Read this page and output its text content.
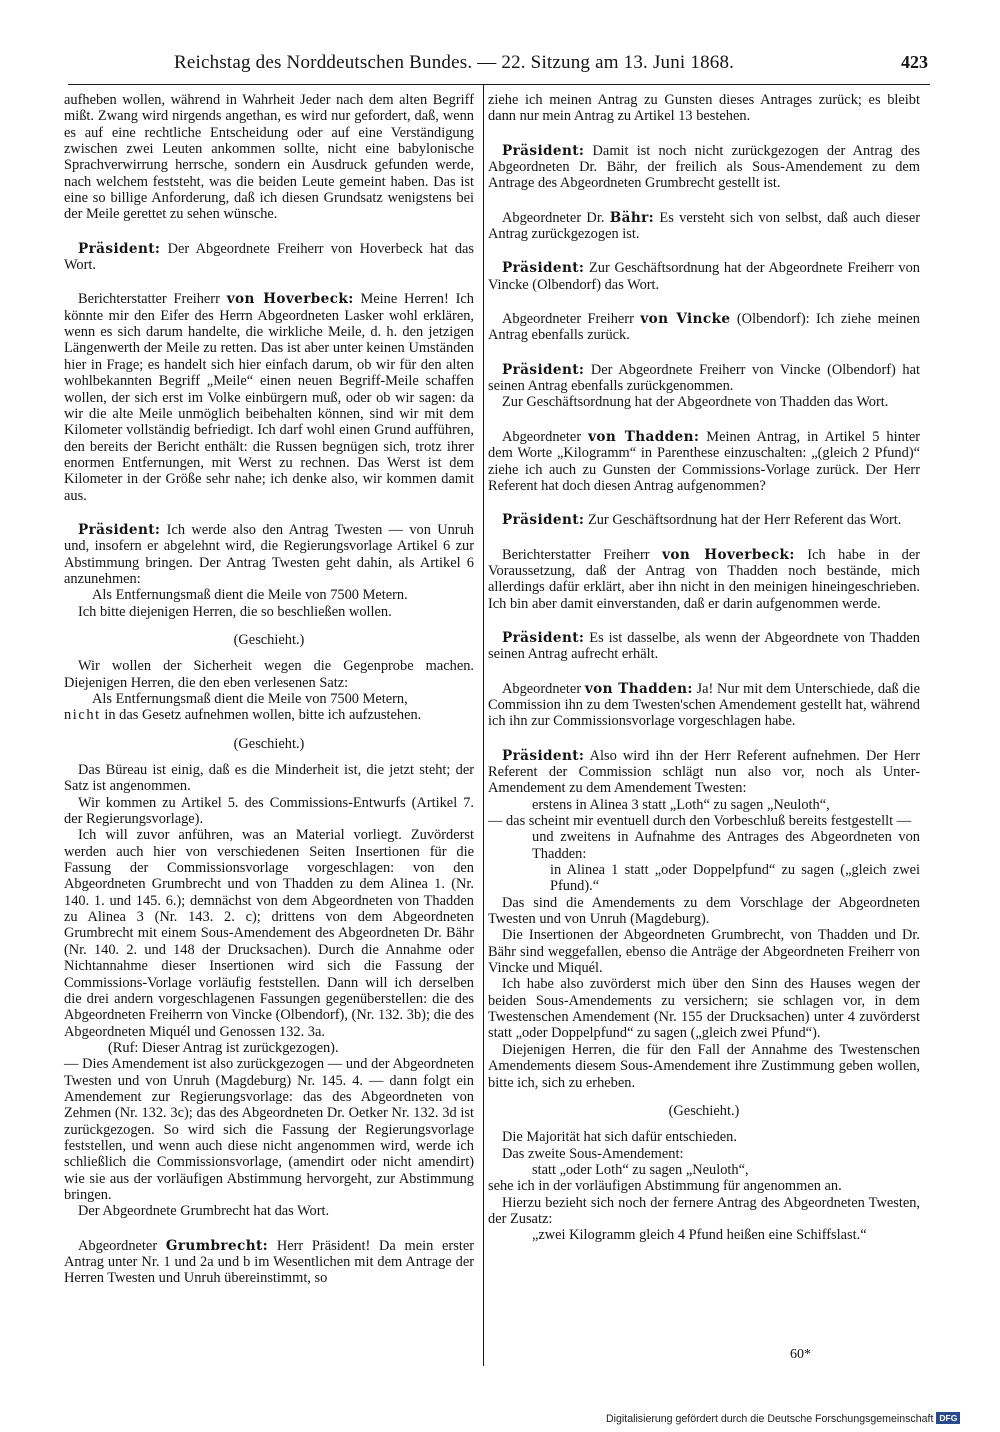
Reichstag des Norddeutschen Bundes. — 22. Sitzung am 13. Juni 1868.	423

aufheben wollen, während in Wahrheit Jeder nach dem alten Begriff mißt. Zwang wird nirgends angethan, es wird nur gefordert, daß, wenn es auf eine rechtliche Entscheidung oder auf eine Verständigung zwischen zwei Leuten ankommen sollte, nicht eine babylonische Sprachverwirrung herrsche, sondern ein Ausdruck gefunden werde, nach welchem feststeht, was die beiden Leute gemeint haben. Das ist eine so billige Anforderung, daß ich diesen Grundsatz wenigstens bei der Meile gerettet zu sehen wünsche.

Präsident: Der Abgeordnete Freiherr von Hoverbeck hat das Wort.

Berichterstatter Freiherr von Hoverbeck: Meine Herren! Ich könnte mir den Eifer des Herrn Abgeordneten Lasker wohl erklären, wenn es sich darum handelte, die wirkliche Meile, d. h. den jetzigen Längenwerth der Meile zu retten. Das ist aber unter keinen Umständen hier in Frage; es handelt sich hier einfach darum, ob wir für den alten wohlbekannten Begriff „Meile“ einen neuen Begriff-Meile schaffen wollen, der sich erst im Volke einbürgern muß, oder ob wir sagen: da wir die alte Meile unmöglich beibehalten können, sind wir mit dem Kilometer vollständig befriedigt. Ich darf wohl einen Grund aufführen, den bereits der Bericht enthält: die Russen begnügen sich, trotz ihrer enormen Entfernungen, mit Werst zu rechnen. Das Werst ist dem Kilometer in der Größe sehr nahe; ich denke also, wir kommen damit aus.

Präsident: Ich werde also den Antrag Twesten — von Unruh und, insofern er abgelehnt wird, die Regierungsvorlage Artikel 6 zur Abstimmung bringen. Der Antrag Twesten geht dahin, als Artikel 6 anzunehmen:

Als Entfernungsmaß dient die Meile von 7500 Metern.

Ich bitte diejenigen Herren, die so beschließen wollen.

(Geschieht.)

Wir wollen der Sicherheit wegen die Gegenprobe machen. Diejenigen Herren, die den eben verlesenen Satz:

Als Entfernungsmaß dient die Meile von 7500 Metern,

nicht in das Gesetz aufnehmen wollen, bitte ich aufzustehen.

(Geschieht.)

Das Büreau ist einig, daß es die Minderheit ist, die jetzt steht; der Satz ist angenommen.

Wir kommen zu Artikel 5. des Commissions-Entwurfs (Artikel 7. der Regierungsvorlage).

Ich will zuvor anführen, was an Material vorliegt. Zuvörderst werden auch hier von verschiedenen Seiten Insertionen für die Fassung der Commissionsvorlage vorgeschlagen: von den Abgeordneten Grumbrecht und von Thadden zu dem Alinea 1. (Nr. 140. 1. und 145. 6.); demnächst von dem Abgeordneten von Thadden zu Alinea 3 (Nr. 143. 2. c); drittens von dem Abgeordneten Grumbrecht mit einem Sous-Amendement des Abgeordneten Dr. Bähr (Nr. 140. 2. und 148 der Drucksachen). Durch die Annahme oder Nichtannahme dieser Insertionen wird sich die Fassung der Commissions-Vorlage vorläufig feststellen. Dann will ich derselben die drei andern vorgeschlagenen Fassungen gegenüberstellen: die des Abgeordneten Freiherrn von Vincke (Olbendorf), (Nr. 132. 3b); die des Abgeordneten Miquél und Genossen 132. 3a.

(Ruf: Dieser Antrag ist zurückgezogen).

— Dies Amendement ist also zurückgezogen — und der Abgeordneten Twesten und von Unruh (Magdeburg) Nr. 145. 4. — dann folgt ein Amendement zur Regierungsvorlage: das des Abgeordneten von Zehmen (Nr. 132. 3c); das des Abgeordneten Dr. Oetker Nr. 132. 3d ist zurückgezogen. So wird sich die Fassung der Regierungsvorlage feststellen, und wenn auch diese nicht angenommen wird, werde ich schließlich die Commissionsvorlage, (amendirt oder nicht amendirt) wie sie aus der vorläufigen Abstimmung hervorgeht, zur Abstimmung bringen.

Der Abgeordnete Grumbrecht hat das Wort.

Abgeordneter Grumbrecht: Herr Präsident! Da mein erster Antrag unter Nr. 1 und 2a und b im Wesentlichen mit dem Antrage der Herren Twesten und Unruh übereinstimmt, so

ziehe ich meinen Antrag zu Gunsten dieses Antrages zurück; es bleibt dann nur mein Antrag zu Artikel 13 bestehen.

Präsident: Damit ist noch nicht zurückgezogen der Antrag des Abgeordneten Dr. Bähr, der freilich als Sous-Amendement zu dem Antrage des Abgeordneten Grumbrecht gestellt ist.

Abgeordneter Dr. Bähr: Es versteht sich von selbst, daß auch dieser Antrag zurückgezogen ist.

Präsident: Zur Geschäftsordnung hat der Abgeordnete Freiherr von Vincke (Olbendorf) das Wort.

Abgeordneter Freiherr von Vincke (Olbendorf): Ich ziehe meinen Antrag ebenfalls zurück.

Präsident: Der Abgeordnete Freiherr von Vincke (Olbendorf) hat seinen Antrag ebenfalls zurückgenommen.

Zur Geschäftsordnung hat der Abgeordnete von Thadden das Wort.

Abgeordneter von Thadden: Meinen Antrag, in Artikel 5 hinter dem Worte „Kilogramm“ in Parenthese einzuschalten: „(gleich 2 Pfund)“ ziehe ich auch zu Gunsten der Commissions-Vorlage zurück. Der Herr Referent hat doch diesen Antrag aufgenommen?

Präsident: Zur Geschäftsordnung hat der Herr Referent das Wort.

Berichterstatter Freiherr von Hoverbeck: Ich habe in der Voraussetzung, daß der Antrag von Thadden noch bestände, mich allerdings dafür erklärt, aber ihn nicht in den meinigen hineingeschrieben. Ich bin aber damit einverstanden, daß er darin aufgenommen werde.

Präsident: Es ist dasselbe, als wenn der Abgeordnete von Thadden seinen Antrag aufrecht erhält.

Abgeordneter von Thadden: Ja! Nur mit dem Unterschiede, daß die Commission ihn zu dem Twesten'schen Amendement gestellt hat, während ich ihn zur Commissionsvorlage vorgeschlagen habe.

Präsident: Also wird ihn der Herr Referent aufnehmen. Der Herr Referent der Commission schlägt nun also vor, noch als Unter-Amendement zu dem Amendement Twesten:

erstens in Alinea 3 statt „Loth“ zu sagen „Neuloth“,

— das scheint mir eventuell durch den Vorbeschluß bereits festgestellt —

und zweitens in Aufnahme des Antrages des Abgeordneten von Thadden:

in Alinea 1 statt „oder Doppelpfund“ zu sagen („gleich zwei Pfund).“

Das sind die Amendements zu dem Vorschlage der Abgeordneten Twesten und von Unruh (Magdeburg).

Die Insertionen der Abgeordneten Grumbrecht, von Thadden und Dr. Bähr sind weggefallen, ebenso die Anträge der Abgeordneten Freiherr von Vincke und Miquél.

Ich habe also zuvörderst mich über den Sinn des Hauses wegen der beiden Sous-Amendements zu versichern; sie schlagen vor, in dem Twestenschen Amendement (Nr. 155 der Drucksachen) unter 4 zuvörderst statt „oder Doppelpfund“ zu sagen („gleich zwei Pfund“).

Diejenigen Herren, die für den Fall der Annahme des Twestenschen Amendements diesem Sous-Amendement ihre Zustimmung geben wollen, bitte ich, sich zu erheben.

(Geschieht.)

Die Majorität hat sich dafür entschieden.

Das zweite Sous-Amendement:

statt „oder Loth“ zu sagen „Neuloth“,

sehe ich in der vorläufigen Abstimmung für angenommen an.

Hierzu bezieht sich noch der fernere Antrag des Abgeordneten Twesten, der Zusatz:

„zwei Kilogramm gleich 4 Pfund heißen eine Schiffslast.“

60*
Digitalisierung gefördert durch die Deutsche Forschungsgemeinschaft DFG
